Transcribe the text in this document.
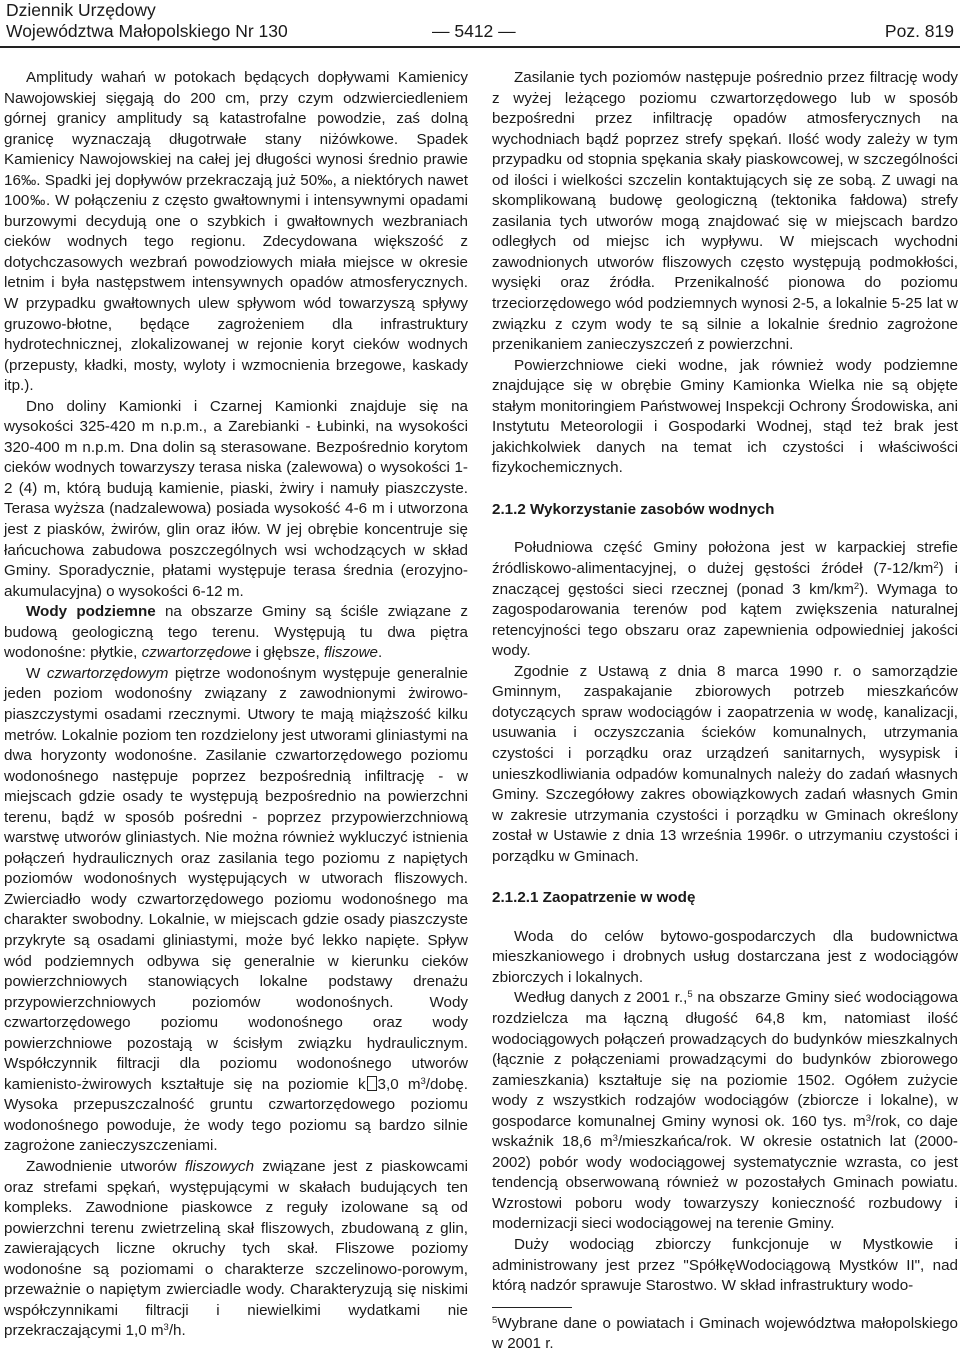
Dziennik Urzędowy
Województwa Małopolskiego Nr 130	— 5412 —	Poz. 819

Amplitudy wahań w potokach będących dopływami Kamienicy Nawojowskiej sięgają do 200 cm, przy czym odzwierciedleniem górnej granicy amplitudy są katastrofalne powodzie, zaś dolną granicę wyznaczają długotrwałe stany niżówkowe. Spadek Kamienicy Nawojowskiej na całej jej długości wynosi średnio prawie 16‰. Spadki jej dopływów przekraczają już 50‰, a niektórych nawet 100‰. W połączeniu z często gwałtownymi i intensywnymi opadami burzowymi decydują one o szybkich i gwałtownych wezbraniach cieków wodnych tego regionu. Zdecydowana większość z dotychczasowych wezbrań powodziowych miała miejsce w okresie letnim i była następstwem intensywnych opadów atmosferycznych. W przypadku gwałtownych ulew spływom wód towarzyszą spływy gruzowo-błotne, będące zagrożeniem dla infrastruktury hydrotechnicznej, zlokalizowanej w rejonie koryt cieków wodnych (przepusty, kładki, mosty, wyloty i wzmocnienia brzegowe, kaskady itp.).

Dno doliny Kamionki i Czarnej Kamionki znajduje się na wysokości 325-420 m n.p.m., a Zarebianki - Łubinki, na wysokości 320-400 m n.p.m. Dna dolin są sterasowane. Bezpośrednio korytom cieków wodnych towarzyszy terasa niska (zalewowa) o wysokości 1-2 (4) m, którą budują kamienie, piaski, żwiry i namuły piaszczyste. Terasa wyższa (nadzalewowa) posiada wysokość 4-6 m i utworzona jest z piasków, żwirów, glin oraz iłów. W jej obrębie koncentruje się łańcuchowa zabudowa poszczególnych wsi wchodzących w skład Gminy. Sporadycznie, płatami występuje terasa średnia (erozyjno-akumulacyjna) o wysokości 6-12 m.

Wody podziemne na obszarze Gminy są ściśle związane z budową geologiczną tego terenu. Występują tu dwa piętra wodonośne: płytkie, czwartorzędowe i głębsze, fliszowe.

W czwartorzędowym piętrze wodonośnym występuje generalnie jeden poziom wodonośny związany z zawodnionymi żwirowo-piaszczystymi osadami rzecznymi. Utwory te mają miąższość kilku metrów. Lokalnie poziom ten rozdzielony jest utworami gliniastymi na dwa horyzonty wodonośne. Zasilanie czwartorzędowego poziomu wodonośnego następuje poprzez bezpośrednią infiltrację - w miejscach gdzie osady te występują bezpośrednio na powierzchni terenu, bądź w sposób pośredni - poprzez przypowierzchniową warstwę utworów gliniastych. Nie można również wykluczyć istnienia połączeń hydraulicznych oraz zasilania tego poziomu z napiętych poziomów wodonośnych występujących w utworach fliszowych. Zwierciadło wody czwartorzędowego poziomu wodonośnego ma charakter swobodny. Lokalnie, w miejscach gdzie osady piaszczyste przykryte są osadami gliniastymi, może być lekko napięte. Spływ wód podziemnych odbywa się generalnie w kierunku cieków powierzchniowych stanowiących lokalne podstawy drenażu przypowierzchniowych poziomów wodonośnych. Wody czwartorzędowego poziomu wodonośnego oraz wody powierzchniowe pozostają w ścisłym związku hydraulicznym. Współczynnik filtracji dla poziomu wodonośnego utworów kamienisto-żwirowych kształtuje się na poziomie k 3,0 $m^3$/dobę. Wysoka przepuszczalność gruntu czwartorzędowego poziomu wodonośnego powoduje, że wody tego poziomu są bardzo silnie zagrożone zanieczyszczeniami.

Zawodnienie utworów fliszowych związane jest z piaskowcami oraz strefami spękań, występującymi w skałach budujących ten kompleks. Zawodnione piaskowce z reguły izolowane są od powierzchni terenu zwietrzeliną skał fliszowych, zbudowaną z glin, zawierających liczne okruchy tych skał. Fliszowe poziomy wodonośne są poziomami o charakterze szczelinowo-porowym, przeważnie o napiętym zwierciadle wody. Charakteryzują się niskimi współczynnikami filtracji i niewielkimi wydatkami nie przekraczającymi 1,0 $m^3/h$.

Zasilanie tych poziomów następuje pośrednio przez filtrację wody z wyżej leżącego poziomu czwartorzędowego lub w sposób bezpośredni przez infiltrację opadów atmosferycznych na wychodniach bądź poprzez strefy spękań. Ilość wody zależy w tym przypadku od stopnia spękania skały piaskowcowej, w szczególności od ilości i wielkości szczelin kontaktujących się ze sobą. Z uwagi na skomplikowaną budowę geologiczną (tektonika fałdowa) strefy zasilania tych utworów mogą znajdować się w miejscach bardzo odległych od miejsc ich wypływu. W miejscach wychodni zawodnionych utworów fliszowych często występują podmokłości, wysięki oraz źródła. Przenikalność pionowa do poziomu trzeciorzędowego wód podziemnych wynosi 2-5, a lokalnie 5-25 lat w związku z czym wody te są silnie a lokalnie średnio zagrożone przenikaniem zanieczyszczeń z powierzchni.

Powierzchniowe cieki wodne, jak również wody podziemne znajdujące się w obrębie Gminy Kamionka Wielka nie są objęte stałym monitoringiem Państwowej Inspekcji Ochrony Środowiska, ani Instytutu Meteorologii i Gospodarki Wodnej, stąd też brak jest jakichkolwiek danych na temat ich czystości i właściwości fizykochemicznych.

2.1.2 Wykorzystanie zasobów wodnych

Południowa część Gminy położona jest w karpackiej strefie źródliskowo-alimentacyjnej, o dużej gęstości źródeł $(7-12/km^2)$ i znaczącej gęstości sieci rzecznej (ponad 3 $km/km^2$). Wymaga to zagospodarowania terenów pod kątem zwiększenia naturalnej retencyjności tego obszaru oraz zapewnienia odpowiedniej jakości wody.

Zgodnie z Ustawą z dnia 8 marca 1990 r. o samorządzie Gminnym, zaspakajanie zbiorowych potrzeb mieszkańców dotyczących spraw wodociągów i zaopatrzenia w wodę, kanalizacji, usuwania i oczyszczania ścieków komunalnych, utrzymania czystości i porządku oraz urządzeń sanitarnych, wysypisk i unieszkodliwiania odpadów komunalnych należy do zadań własnych Gminy. Szczegółowy zakres obowiązkowych zadań własnych Gmin w zakresie utrzymania czystości i porządku w Gminach określony został w Ustawie z dnia 13 września 1996r. o utrzymaniu czystości i porządku w Gminach.

2.1.2.1 Zaopatrzenie w wodę

Woda do celów bytowo-gospodarczych dla budownictwa mieszkaniowego i drobnych usług dostarczana jest z wodociągów zbiorczych i lokalnych.

Według danych z 2001 r.,$^5$ na obszarze Gminy sieć wodociągowa rozdzielcza ma łączną długość 64,8 km, natomiast ilość wodociągowych połączeń prowadzących do budynków mieszkalnych (łącznie z połączeniami prowadzącymi do budynków zbiorowego zamieszkania) kształtuje się na poziomie 1502. Ogółem zużycie wody z wszystkich rodzajów wodociągów (zbiorcze i lokalne), w gospodarce komunalnej Gminy wynosi ok. 160 tys. $m^3$/rok, co daje wskaźnik 18,6 $m^3/mieszkańca$/rok. W okresie ostatnich lat (2000-2002) pobór wody wodociągowej systematycznie wzrasta, co jest tendencją obserwowaną również w pozostałych Gminach powiatu. Wzrostowi poboru wody towarzyszy konieczność rozbudowy i modernizacji sieci wodociągowej na terenie Gminy.

Duży wodociąg zbiorczy funkcjonuje w Mystkowie i administrowany jest przez "SpółkęWodociągową Mystków II", nad którą nadzór sprawuje Starostwo. W skład infrastruktury wodo-

$^5$Wybrane dane o powiatach i Gminach województwa małopolskiego w 2001 r.
